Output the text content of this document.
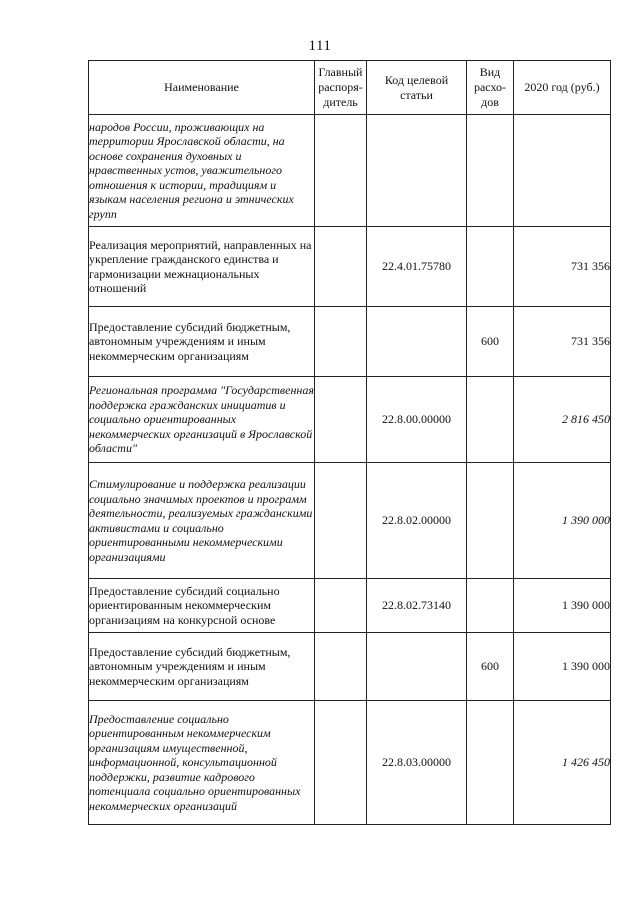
111
Наименование	Главный распоря-дитель	Код целевой статьи	Вид расхо-дов	2020 год (руб.)
народов России, проживающих на территории Ярославской области, на основе сохранения духовных и нравственных устов, уважительного отношения к истории, традициям и языкам населения региона и этнических групп				
Реализация мероприятий, направленных на укрепление гражданского единства и гармонизации межнациональных отношений		22.4.01.75780		731 356
Предоставление субсидий бюджетным, автономным учреждениям и иным некоммерческим организациям			600	731 356
Региональная программа "Государственная поддержка гражданских инициатив и социально ориентированных некоммерческих организаций в Ярославской области"		22.8.00.00000		2 816 450
Стимулирование и поддержка реализации социально значимых проектов и программ деятельности, реализуемых гражданскими активистами и социально ориентированными некоммерческими организациями		22.8.02.00000		1 390 000
Предоставление субсидий социально ориентированным некоммерческим организациям на конкурсной основе		22.8.02.73140		1 390 000
Предоставление субсидий бюджетным, автономным учреждениям и иным некоммерческим организациям			600	1 390 000
Предоставление социально ориентированным некоммерческим организациям имущественной, информационной, консультационной поддержки, развитие кадрового потенциала социально ориентированных некоммерческих организаций		22.8.03.00000		1 426 450
